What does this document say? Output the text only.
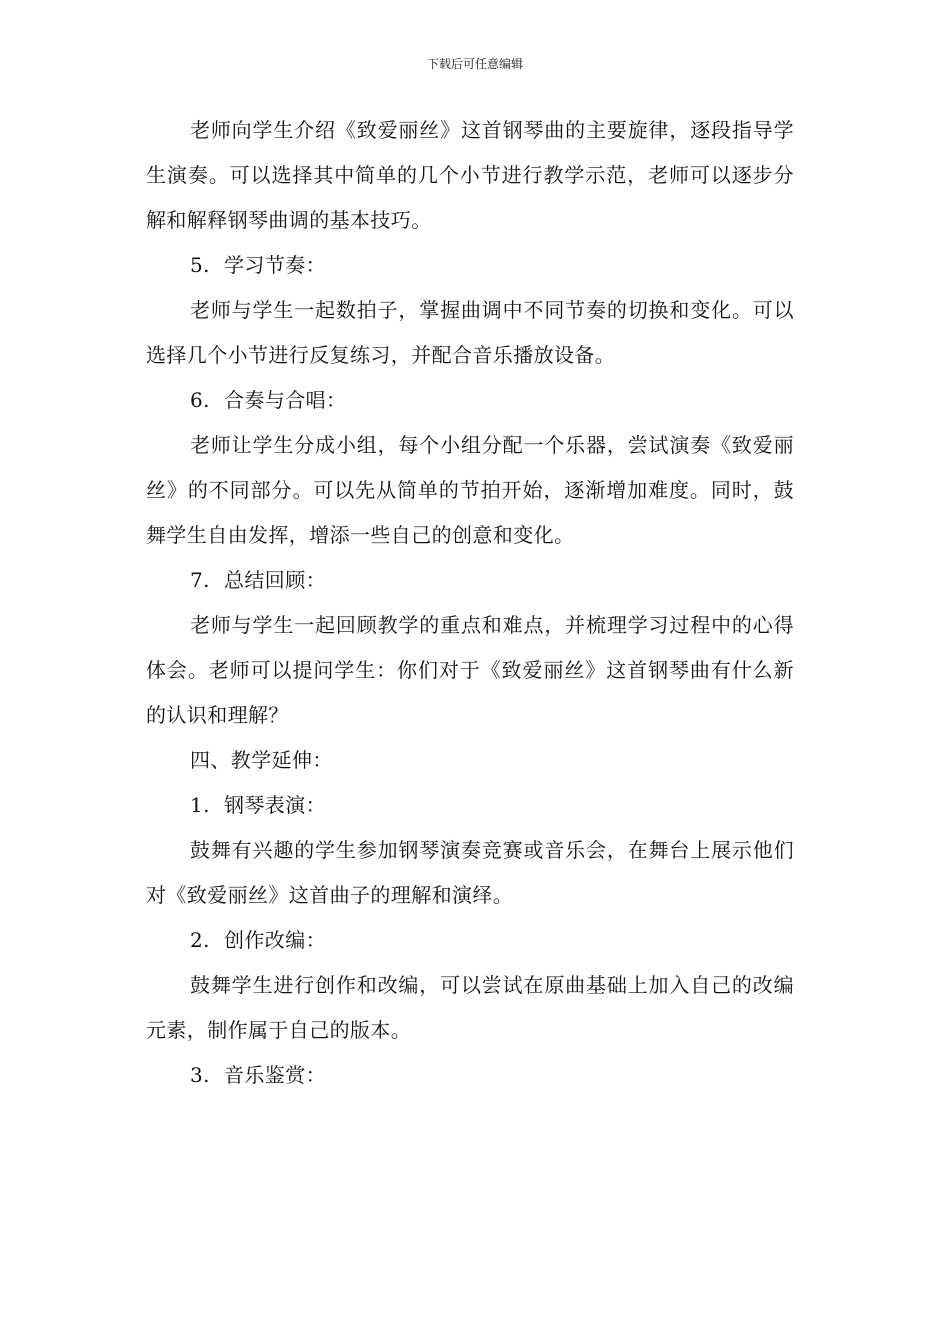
下载后可任意编辑

老师向学生介绍《致爱丽丝》这首钢琴曲的主要旋律，逐段指导学生演奏。可以选择其中简单的几个小节进行教学示范，老师可以逐步分解和解释钢琴曲调的基本技巧。

5. 学习节奏：

老师与学生一起数拍子，掌握曲调中不同节奏的切换和变化。可以选择几个小节进行反复练习，并配合音乐播放设备。

6. 合奏与合唱：

老师让学生分成小组，每个小组分配一个乐器，尝试演奏《致爱丽丝》的不同部分。可以先从简单的节拍开始，逐渐增加难度。同时，鼓舞学生自由发挥，增添一些自己的创意和变化。

7. 总结回顾：

老师与学生一起回顾教学的重点和难点，并梳理学习过程中的心得体会。老师可以提问学生：你们对于《致爱丽丝》这首钢琴曲有什么新的认识和理解？

四、教学延伸：

1. 钢琴表演：

鼓舞有兴趣的学生参加钢琴演奏竞赛或音乐会，在舞台上展示他们对《致爱丽丝》这首曲子的理解和演绎。

2. 创作改编：

鼓舞学生进行创作和改编，可以尝试在原曲基础上加入自己的改编元素，制作属于自己的版本。

3. 音乐鉴赏：
